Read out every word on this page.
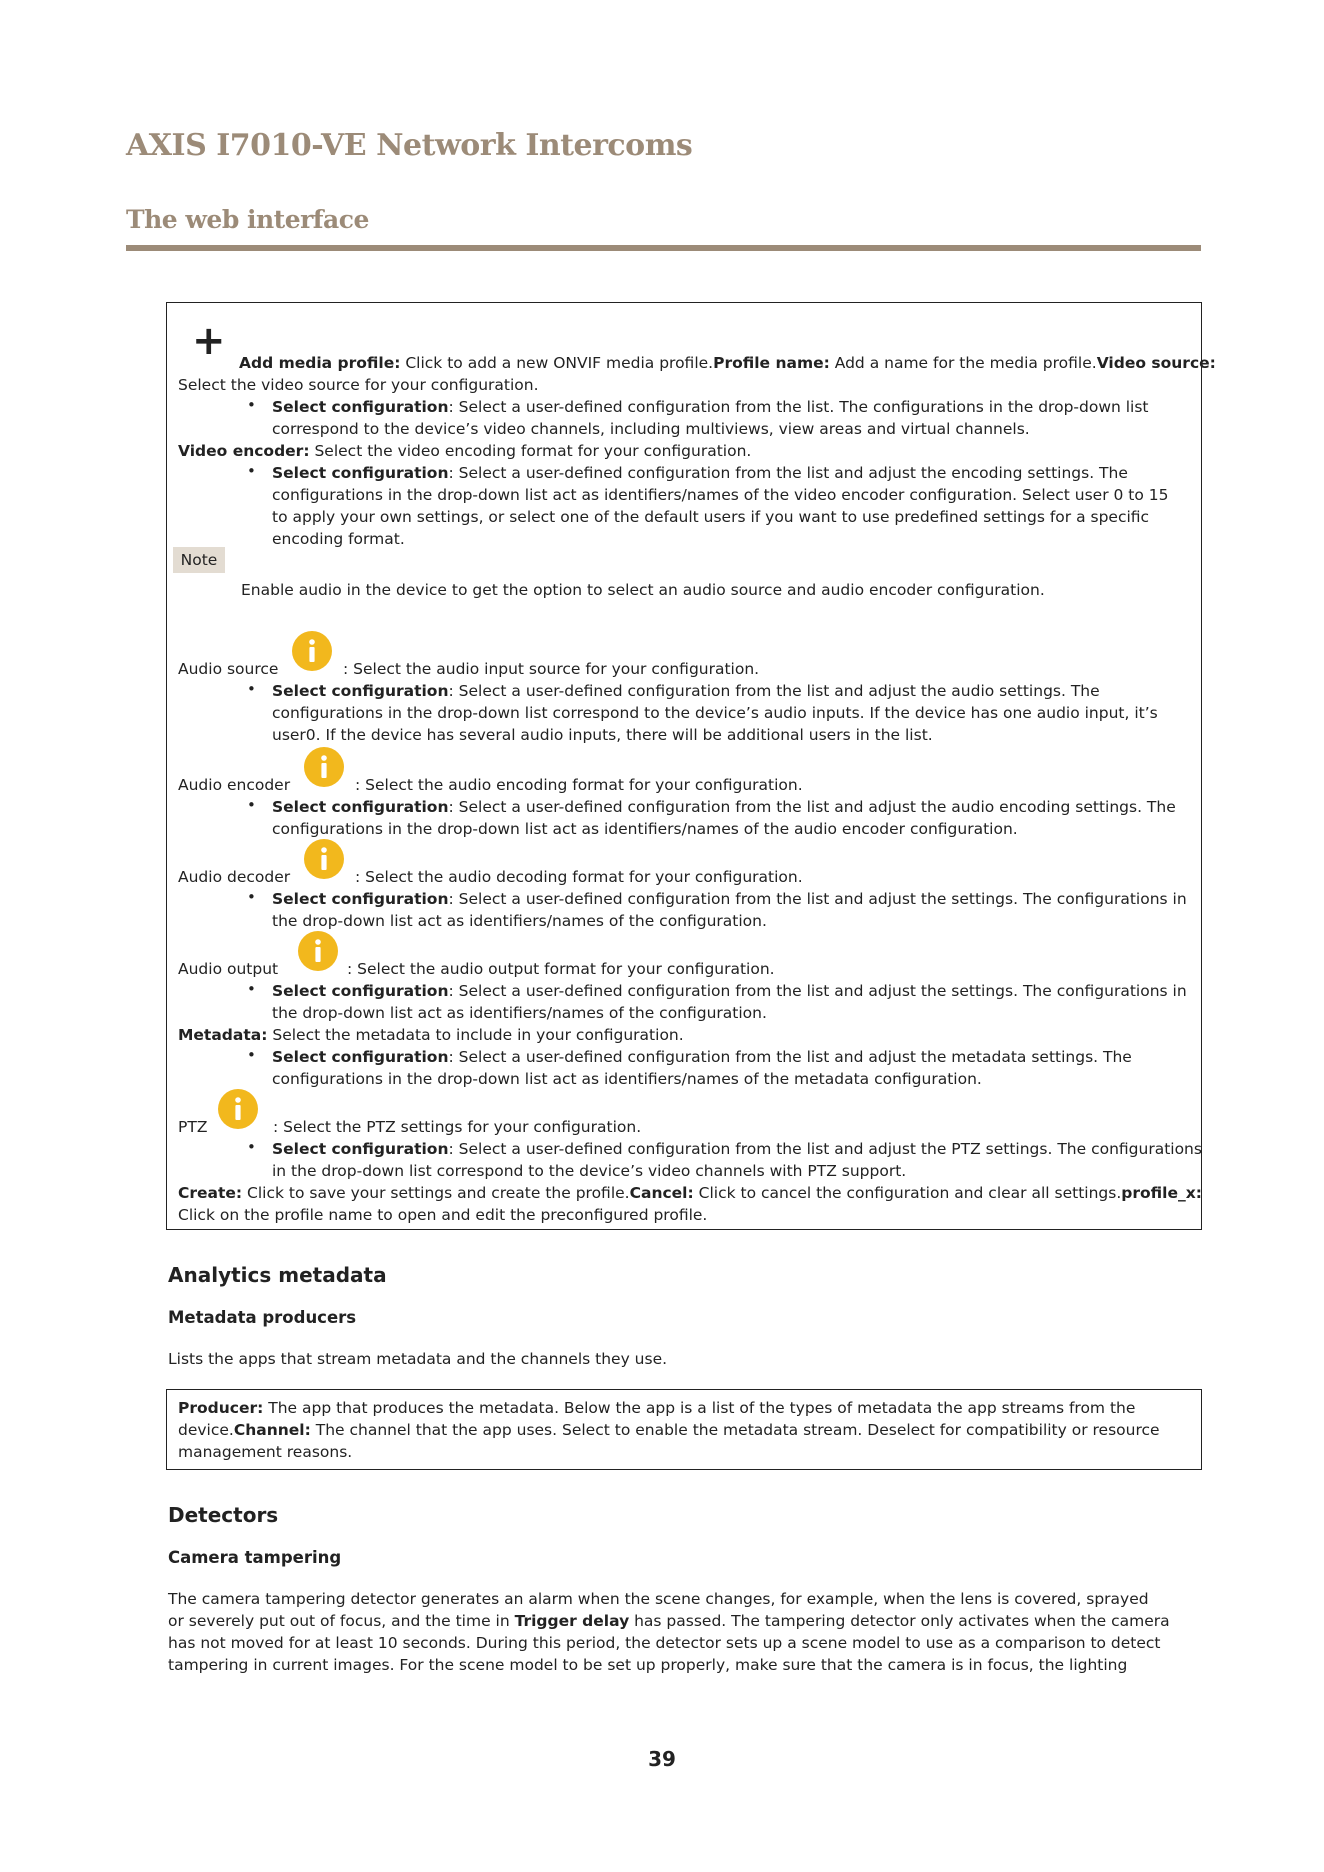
AXIS I7010-VE Network Intercoms
The web interface
+ Add media profile: Click to add a new ONVIF media profile.Profile name: Add a name for the media profile.Video source:
Select the video source for your configuration.
• Select configuration: Select a user-defined configuration from the list. The configurations in the drop-down list
correspond to the device’s video channels, including multiviews, view areas and virtual channels.
Video encoder: Select the video encoding format for your configuration.
• Select configuration: Select a user-defined configuration from the list and adjust the encoding settings. The
configurations in the drop-down list act as identifiers/names of the video encoder configuration. Select user 0 to 15
to apply your own settings, or select one of the default users if you want to use predefined settings for a specific
encoding format.
Note
Enable audio in the device to get the option to select an audio source and audio encoder configuration.
Audio source	: Select the audio input source for your configuration.
• Select configuration: Select a user-defined configuration from the list and adjust the audio settings. The
configurations in the drop-down list correspond to the device’s audio inputs. If the device has one audio input, it’s
user0. If the device has several audio inputs, there will be additional users in the list.
Audio encoder	: Select the audio encoding format for your configuration.
• Select configuration: Select a user-defined configuration from the list and adjust the audio encoding settings. The
configurations in the drop-down list act as identifiers/names of the audio encoder configuration.
Audio decoder	: Select the audio decoding format for your configuration.
• Select configuration: Select a user-defined configuration from the list and adjust the settings. The configurations in
the drop-down list act as identifiers/names of the configuration.
Audio output	: Select the audio output format for your configuration.
• Select configuration: Select a user-defined configuration from the list and adjust the settings. The configurations in
the drop-down list act as identifiers/names of the configuration.
Metadata: Select the metadata to include in your configuration.
• Select configuration: Select a user-defined configuration from the list and adjust the metadata settings. The
configurations in the drop-down list act as identifiers/names of the metadata configuration.
PTZ	: Select the PTZ settings for your configuration.
• Select configuration: Select a user-defined configuration from the list and adjust the PTZ settings. The configurations
in the drop-down list correspond to the device’s video channels with PTZ support.
Create: Click to save your settings and create the profile.Cancel: Click to cancel the configuration and clear all settings.profile_x:
Click on the profile name to open and edit the preconfigured profile.
Analytics metadata
Metadata producers

Lists the apps that stream metadata and the channels they use.

Producer: The app that produces the metadata. Below the app is a list of the types of metadata the app streams from the
device.Channel: The channel that the app uses. Select to enable the metadata stream. Deselect for compatibility or resource
management reasons.
Detectors
Camera tampering

The camera tampering detector generates an alarm when the scene changes, for example, when the lens is covered, sprayed

or severely put out of focus, and the time in Trigger delay has passed. The tampering detector only activates when the camera

has not moved for at least 10 seconds. During this period, the detector sets up a scene model to use as a comparison to detect

tampering in current images. For the scene model to be set up properly, make sure that the camera is in focus, the lighting

39
